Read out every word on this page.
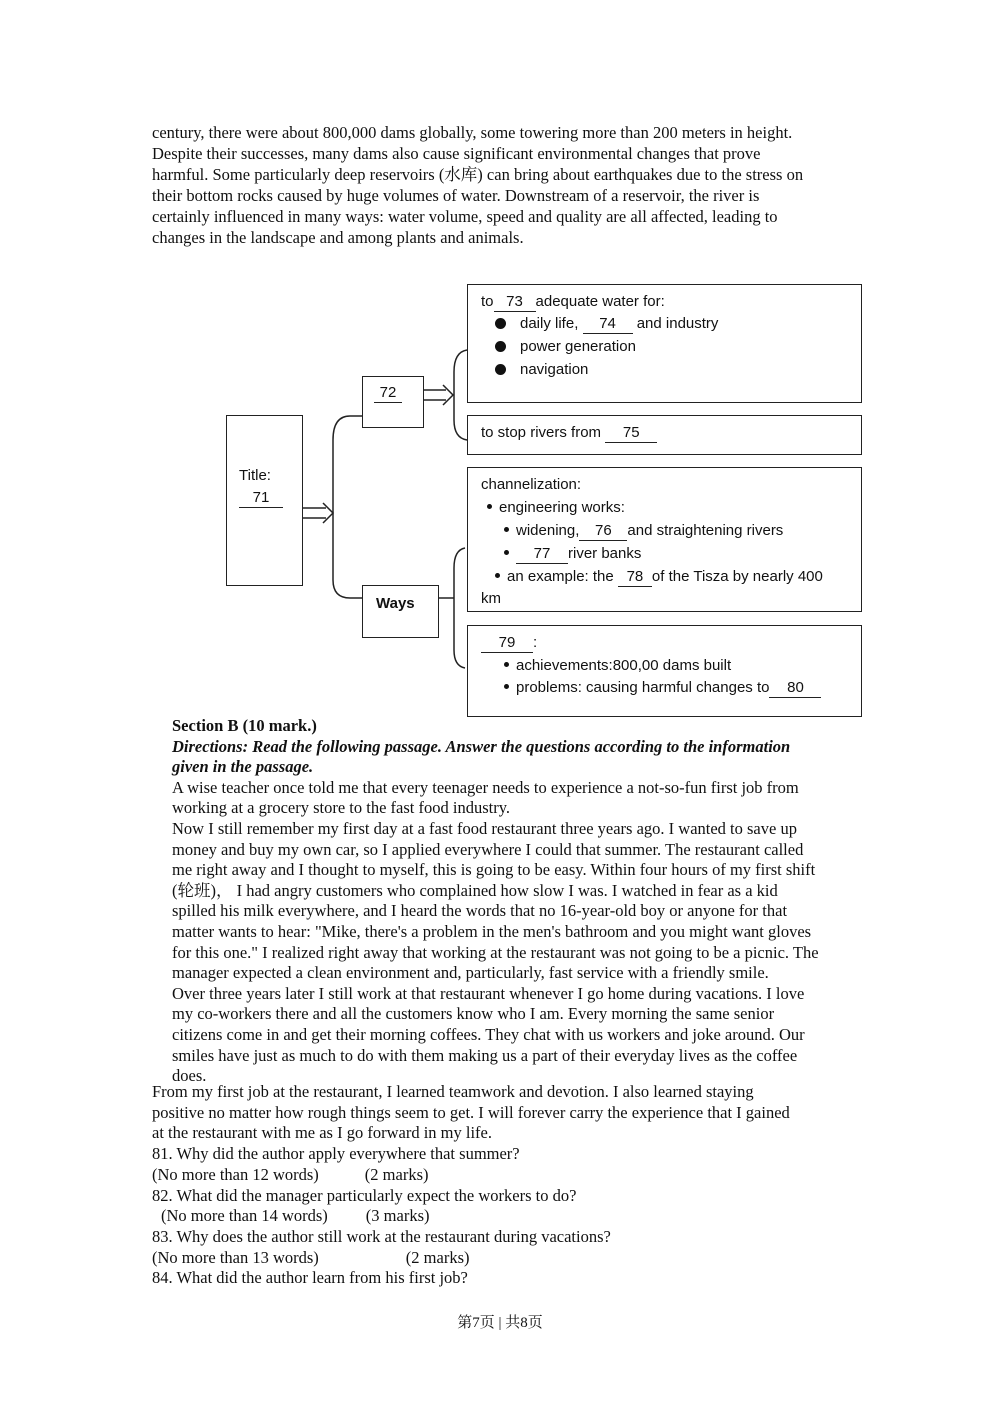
century, there were about 800,000 dams globally, some towering more than 200 meters in height.
Despite their successes, many dams also cause significant environmental changes that prove
harmful. Some particularly deep reservoirs (水库) can bring about earthquakes due to the stress on
their bottom rocks caused by huge volumes of water. Downstream of a reservoir, the river is
certainly influenced in many ways: water volume, speed and quality are all affected, leading to
changes in the landscape and among plants and animals.
Title:
71
72
Ways
to 73 adequate water for:
daily life, 74 and industry
power generation
navigation
to stop rivers from 75
channelization:
engineering works:
widening, 76 and straightening rivers
77 river banks
an example: the 78 of the Tisza by nearly 400
km
79 :
achievements:800,00 dams built
problems: causing harmful changes to 80
Section B (10 mark.)
Directions: Read the following passage. Answer the questions according to the information
given in the passage.
A wise teacher once told me that every teenager needs to experience a not-so-fun first job from
working at a grocery store to the fast food industry.
Now I still remember my first day at a fast food restaurant three years ago. I wanted to save up
money and buy my own car, so I applied everywhere I could that summer. The restaurant called
me right away and I thought to myself, this is going to be easy. Within four hours of my first shift
(轮班)， I had angry customers who complained how slow I was. I watched in fear as a kid
spilled his milk everywhere, and I heard the words that no 16-year-old boy or anyone for that
matter wants to hear: "Mike, there's a problem in the men's bathroom and you might want gloves
for this one." I realized right away that working at the restaurant was not going to be a picnic. The
manager expected a clean environment and, particularly, fast service with a friendly smile.
Over three years later I still work at that restaurant whenever I go home during vacations. I love
my co-workers there and all the customers know who I am. Every morning the same senior
citizens come in and get their morning coffees. They chat with us workers and joke around. Our
smiles have just as much to do with them making us a part of their everyday lives as the coffee
does.
From my first job at the restaurant, I learned teamwork and devotion. I also learned staying
positive no matter how rough things seem to get. I will forever carry the experience that I gained
at the restaurant with me as I go forward in my life.
81. Why did the author apply everywhere that summer?
(No more than 12 words)	(2 marks)
82. What did the manager particularly expect the workers to do?
(No more than 14 words) (3 marks)
83. Why does the author still work at the restaurant during vacations?
(No more than 13 words)	(2 marks)
84. What did the author learn from his first job?
第7页 | 共8页
